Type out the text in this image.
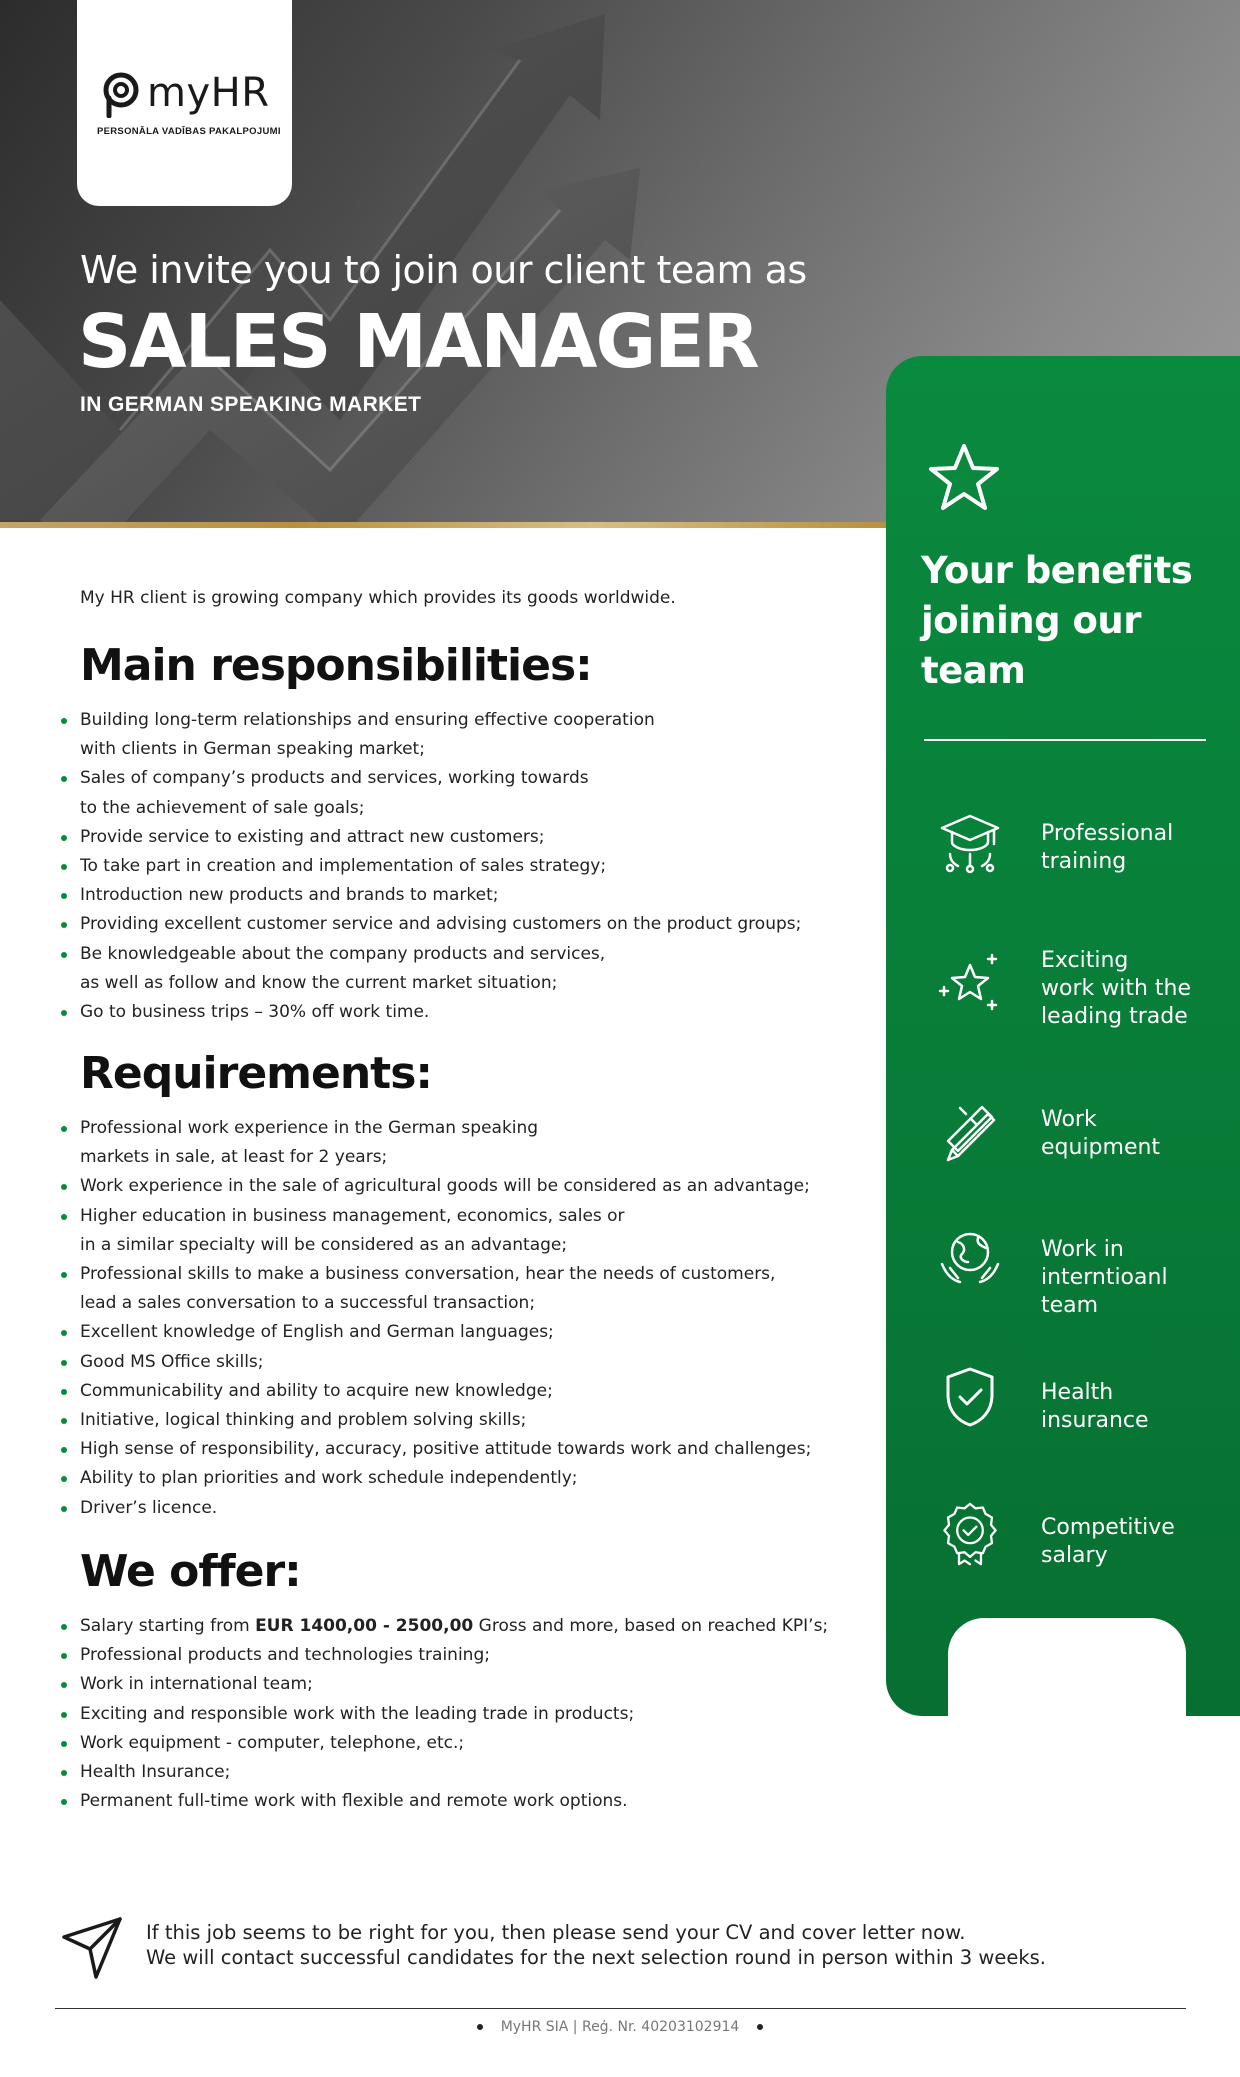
myHR
PERSONĀLA VADĪBAS PAKALPOJUMI
We invite you to join our client team as
SALES MANAGER
IN GERMAN SPEAKING MARKET
Your benefits joining our team
Professional
training
Exciting
work with the
leading trade
Work
equipment
Work in
interntioanl
team
Health
insurance
Competitive
salary
My HR client is growing company which provides its goods worldwide.
Main responsibilities:
Building long-term relationships and ensuring effective cooperation
with clients in German speaking market;
Sales of company’s products and services, working towards
to the achievement of sale goals;
Provide service to existing and attract new customers;
To take part in creation and implementation of sales strategy;
Introduction new products and brands to market;
Providing excellent customer service and advising customers on the product groups;
Be knowledgeable about the company products and services,
as well as follow and know the current market situation;
Go to business trips – 30% off work time.
Requirements:
Professional work experience in the German speaking
markets in sale, at least for 2 years;
Work experience in the sale of agricultural goods will be considered as an advantage;
Higher education in business management, economics, sales or
in a similar specialty will be considered as an advantage;
Professional skills to make a business conversation, hear the needs of customers,
lead a sales conversation to a successful transaction;
Excellent knowledge of English and German languages;
Good MS Office skills;
Communicability and ability to acquire new knowledge;
Initiative, logical thinking and problem solving skills;
High sense of responsibility, accuracy, positive attitude towards work and challenges;
Ability to plan priorities and work schedule independently;
Driver’s licence.
We offer:
Salary starting from EUR 1400,00 - 2500,00 Gross and more, based on reached KPI’s;
Professional products and technologies training;
Work in international team;
Exciting and responsible work with the leading trade in products;
Work equipment - computer, telephone, etc.;
Health Insurance;
Permanent full-time work with flexible and remote work options.
If this job seems to be right for you, then please send your CV and cover letter now.
We will contact successful candidates for the next selection round in person within 3 weeks.
MyHR SIA | Reģ. Nr. 40203102914
